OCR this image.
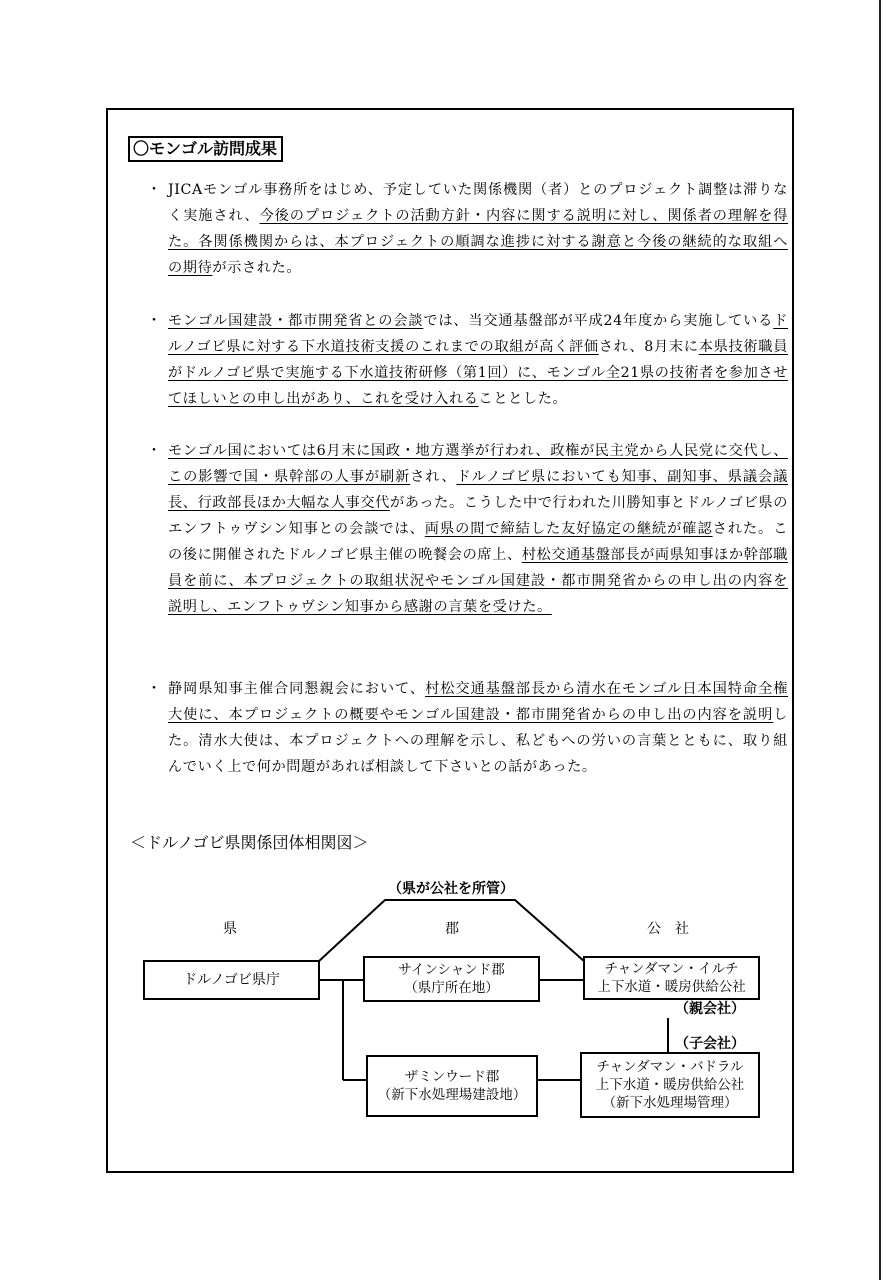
〇モンゴル訪問成果
・ JICAモンゴル事務所をはじめ、予定していた関係機関（者）とのプロジェクト調整は滞りなく実施され、今後のプロジェクトの活動方針・内容に関する説明に対し、関係者の理解を得た。各関係機関からは、本プロジェクトの順調な進捗に対する謝意と今後の継続的な取組への期待が示された。

・ モンゴル国建設・都市開発省との会談では、当交通基盤部が平成24年度から実施しているドルノゴビ県に対する下水道技術支援のこれまでの取組が高く評価され、8月末に本県技術職員がドルノゴビ県で実施する下水道技術研修（第1回）に、モンゴル全21県の技術者を参加させてほしいとの申し出があり、これを受け入れることとした。

・ モンゴル国においては6月末に国政・地方選挙が行われ、政権が民主党から人民党に交代し、この影響で国・県幹部の人事が刷新され、ドルノゴビ県においても知事、副知事、県議会議長、行政部長ほか大幅な人事交代があった。こうした中で行われた川勝知事とドルノゴビ県のエンフトゥヴシン知事との会談では、両県の間で締結した友好協定の継続が確認された。この後に開催されたドルノゴビ県主催の晩餐会の席上、村松交通基盤部長が両県知事ほか幹部職員を前に、本プロジェクトの取組状況やモンゴル国建設・都市開発省からの申し出の内容を説明し、エンフトゥヴシン知事から感謝の言葉を受けた。

・ 静岡県知事主催合同懇親会において、村松交通基盤部長から清水在モンゴル日本国特命全権大使に、本プロジェクトの概要やモンゴル国建設・都市開発省からの申し出の内容を説明した。清水大使は、本プロジェクトへの理解を示し、私どもへの労いの言葉とともに、取り組んでいく上で何か問題があれば相談して下さいとの話があった。

＜ドルノゴビ県関係団体相関図＞
（県が公社を所管）
県	郡	公　社
ドルノゴビ県庁
サインシャンド郡
（県庁所在地）
チャンダマン・イルチ
上下水道・暖房供給公社
（親会社）
（子会社）
ザミンウード郡
（新下水処理場建設地）
チャンダマン・バドラル
上下水道・暖房供給公社
（新下水処理場管理）
